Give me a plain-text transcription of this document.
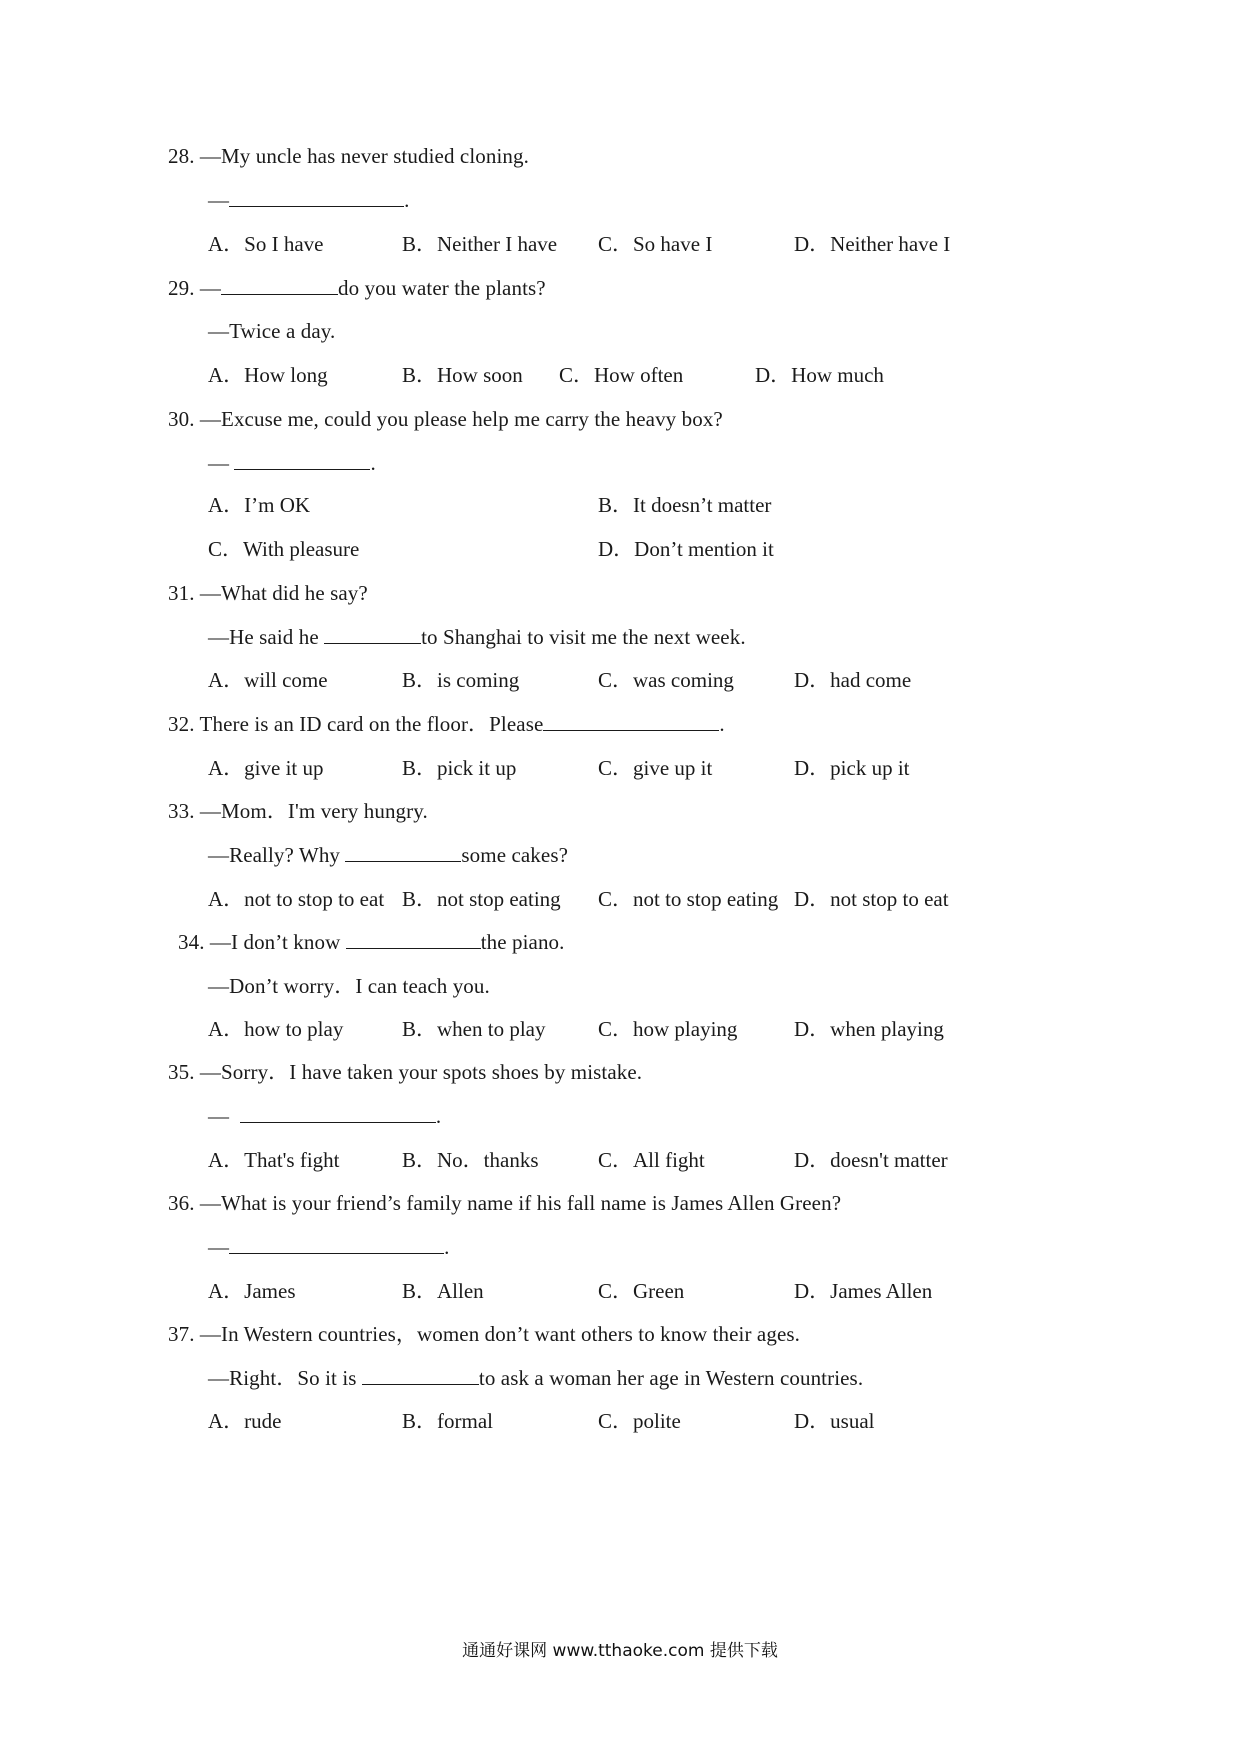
28. —My uncle has never studied cloning.
—	.
A．So I have	B．Neither I have C．So have I	D．Neither have I
29. —	do you water the plants?
—Twice a day.
A．How long	B．How soon C．How often	D．How much
30. —Excuse me, could you please help me carry the heavy box?
—	.
A．I’m OK	B．It doesn’t matter
C．With pleasure	D．Don’t mention it
31. —What did he say?
—He said he	to Shanghai to visit me the next week.
A．will come	B．is coming	C．was coming	D．had come
32. There is an ID card on the floor．Please	.
A．give it up	B．pick it up	C．give up it	D．pick up it
33. —Mom．I'm very hungry.
—Really? Why	some cakes?
A．not to stop to eat B．not stop eating C．not to stop eating D．not stop to eat
34. —I don’t know	the piano.
—Don’t worry．I can teach you.
A．how to play	B．when to play	C．how playing	D．when playing
35. —Sorry．I have taken your spots shoes by mistake.
—	.
A．That's fight	B．No．thanks	C．All fight	D．doesn't matter
36. —What is your friend’s family name if his fall name is James Allen Green?
—	.
A．James	B．Allen	C．Green	D．James Allen
37. —In Western countries，women don’t want others to know their ages.
—Right．So it is	to ask a woman her age in Western countries.
A．rude	B．formal	C．polite	D．usual
通通好课网 www.tthaoke.com 提供下载
